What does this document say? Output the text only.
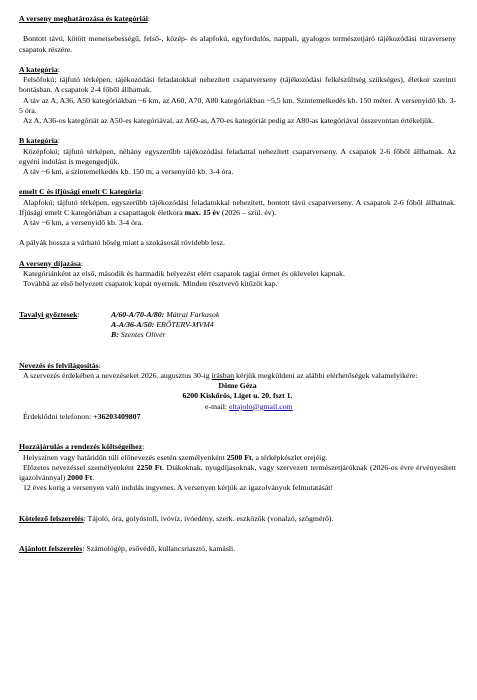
A verseny meghatározása és kategóriái:

Bontott távú, kötött menetsebességű, felső-, közép- és alapfokú, egyfordulós, nappali, gyalogos természetjáró tájékozódási túraverseny csapatok részére.

A kategória:

Felsőfokú; tájfutó térképen, tájékozódási feladatokkal nehezített csapatverseny (tájékozódási felkészültség szükséges), életkor szerinti bontásban. A csapatok 2-4 főből állhatnak.

A táv az A, A36, A50 kategóriákban ~6 km, az A60, A70, A80 kategóriákban ~5,5 km. Szintemelkedés kb. 150 méter. A versenyidő kb. 3-5 óra.

Az A, A36-os kategóriát az A50-es kategóriával, az A60-as, A70-es kategóriát pedig az A80-as kategóriával összevontan értékeljük.

B kategória:

Középfokú; tájfutó térképen, néhány egyszerűbb tájékozódási feladattal nehezített csapatverseny. A csapatok 2-6 főből állhatnak. Az egyéni indulást is megengedjük.

A táv ~6 km, a szintemelkedés kb. 150 m, a versenyidő kb. 3-4 óra.

emelt C és ifjúsági emelt C kategória:

Alapfokú; tájfutó térképen, egyszerűbb tájékozódási feladatokkal nehezített, bontott távú csapatverseny. A csapatok 2-6 főből állhatnak. Ifjúsági emelt C kategóriában a csapattagok életkora max. 15 év (2026 – szül. év).

A táv ~6 km, a versenyidő kb. 3-4 óra.

A pályák hossza a várható hőség miatt a szokásosál rövidebb lesz.

A verseny díjazása:

Kategóriánként az első, második és harmadik helyezést elért csapatok tagjai érmet és oklevelet kapnak.

Továbbá az első helyezett csapatok kupát nyernek. Minden résztvevő kitűzőt kap.

Tavalyi győztesek:	A/60-A/70-A/80: Mátrai Farkasok
A-A/36-A/50: ERŐTERV-MVM4
B: Szentes Olivér

Nevezés és felvilágosítás:

A szervezés érdekében a nevezéseket 2026. augusztus 30-ig írásban kérjük megküldeni az alábbi elérhetőségek valamelyikére:

Döme Géza

6200 Kiskőrös, Liget u. 20. fszt 1.

e-mail: eltajolo@gmail.com

Érdeklődni telefonon: +36203409807

Hozzájárulás a rendezés költségeihez:

Helyszínen vagy határidőn túli előnevezés esetén személyenként 2500 Ft, a térképkészlet erejéig.

Előzetes nevezéssel személyenként 2250 Ft. Diákoknak, nyugdíjasoknak, vagy szervezett természetjáróknak (2026-os évre érvényesített igazolvánnyal) 2000 Ft.

12 éves korig a versenyen való indulás ingyenes. A versenyen kérjük az igazolványok felmutatását!

Kötelező felszerelés: Tájoló, óra, golyóstoll, ivóvíz, ivóedény, szerk. eszközök (vonalzó, szögmérő).

Ajánlott felszerelés: Számológép, esővédő, kullancsriasztó, kamásli.
